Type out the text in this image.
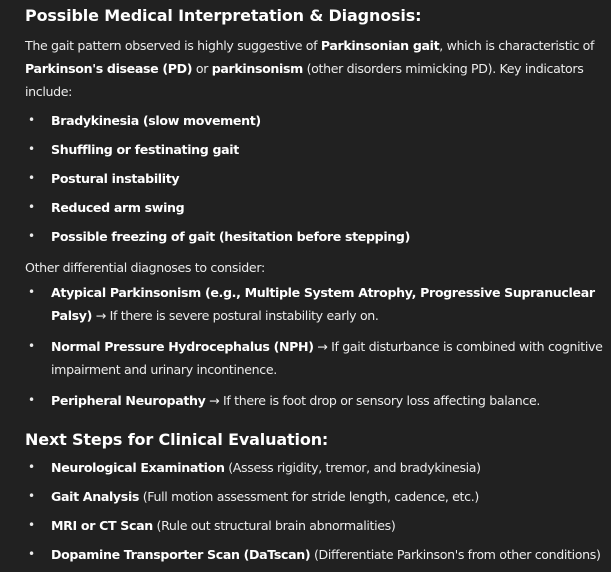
Possible Medical Interpretation & Diagnosis:

The gait pattern observed is highly suggestive of Parkinsonian gait, which is characteristic of Parkinson's disease (PD) or parkinsonism (other disorders mimicking PD). Key indicators include:

• Bradykinesia (slow movement)
• Shuffling or festinating gait
• Postural instability
• Reduced arm swing
• Possible freezing of gait (hesitation before stepping)

Other differential diagnoses to consider:

• Atypical Parkinsonism (e.g., Multiple System Atrophy, Progressive Supranuclear Palsy) → If there is severe postural instability early on.
• Normal Pressure Hydrocephalus (NPH) → If gait disturbance is combined with cognitive impairment and urinary incontinence.
• Peripheral Neuropathy → If there is foot drop or sensory loss affecting balance.
Next Steps for Clinical Evaluation:
• Neurological Examination (Assess rigidity, tremor, and bradykinesia)
• Gait Analysis (Full motion assessment for stride length, cadence, etc.)
• MRI or CT Scan (Rule out structural brain abnormalities)
• Dopamine Transporter Scan (DaTscan) (Differentiate Parkinson's from other conditions)
